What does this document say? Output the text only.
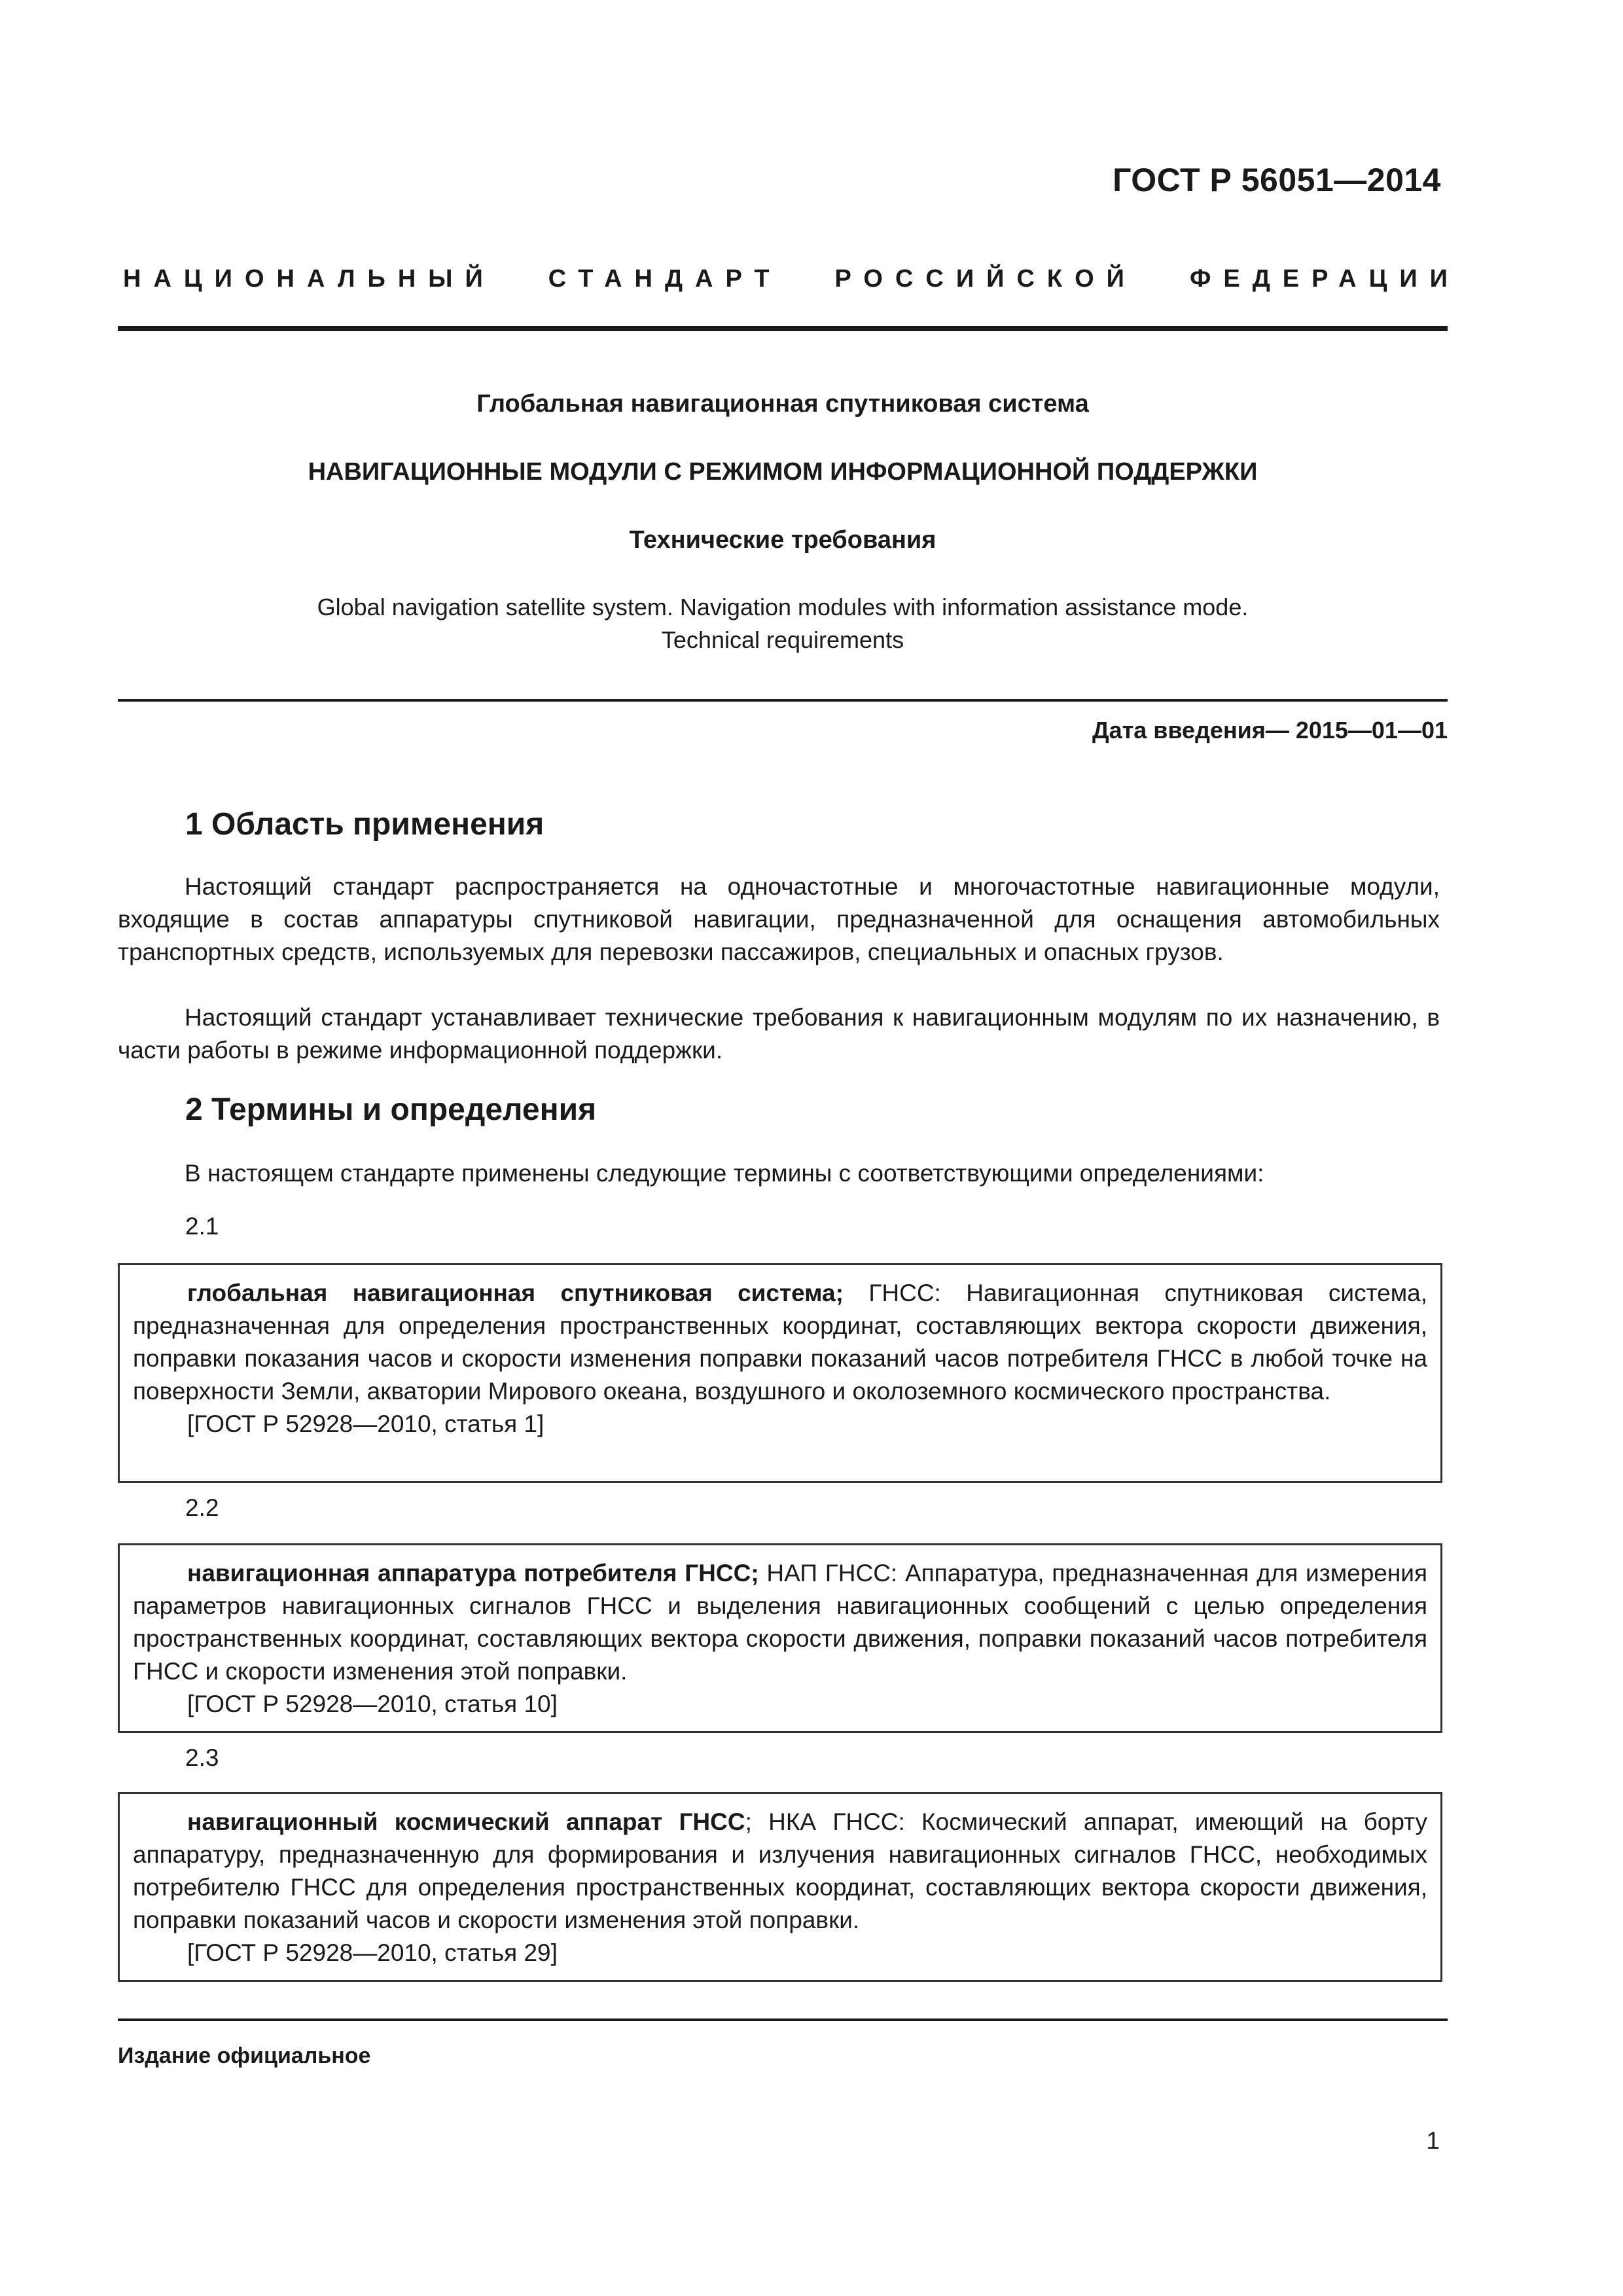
ГОСТ Р 56051—2014
НАЦИОНАЛЬНЫЙ СТАНДАРТ РОССИЙСКОЙ ФЕДЕРАЦИИ
Глобальная навигационная спутниковая система
НАВИГАЦИОННЫЕ МОДУЛИ С РЕЖИМОМ ИНФОРМАЦИОННОЙ ПОДДЕРЖКИ
Технические требования
Global navigation satellite system. Navigation modules with information assistance mode.
Technical requirements
Дата введения— 2015—01—01
1 Область применения
Настоящий стандарт распространяется на одночастотные и многочастотные навигационные модули, входящие в состав аппаратуры спутниковой навигации, предназначенной для оснащения автомобильных транспортных средств, используемых для перевозки пассажиров, специальных и опасных грузов.
Настоящий стандарт устанавливает технические требования к навигационным модулям по их назначению, в части работы в режиме информационной поддержки.
2 Термины и определения
В настоящем стандарте применены следующие термины с соответствующими определениями:
2.1
глобальная навигационная спутниковая система; ГНСС: Навигационная спутниковая система, предназначенная для определения пространственных координат, составляющих вектора скорости движения, поправки показания часов и скорости изменения поправки показаний часов потребителя ГНСС в любой точке на поверхности Земли, акватории Мирового океана, воздушного и околоземного космического пространства.
[ГОСТ Р 52928—2010, статья 1]
2.2
навигационная аппаратура потребителя ГНСС; НАП ГНСС: Аппаратура, предназначенная для измерения параметров навигационных сигналов ГНСС и выделения навигационных сообщений с целью определения пространственных координат, составляющих вектора скорости движения, поправки показаний часов потребителя ГНСС и скорости изменения этой поправки.
[ГОСТ Р 52928—2010, статья 10]
2.3
навигационный космический аппарат ГНСС; НКА ГНСС: Космический аппарат, имеющий на борту аппаратуру, предназначенную для формирования и излучения навигационных сигналов ГНСС, необходимых потребителю ГНСС для определения пространственных координат, составляющих вектора скорости движения, поправки показаний часов и скорости изменения этой поправки.
[ГОСТ Р 52928—2010, статья 29]
Издание официальное
1
